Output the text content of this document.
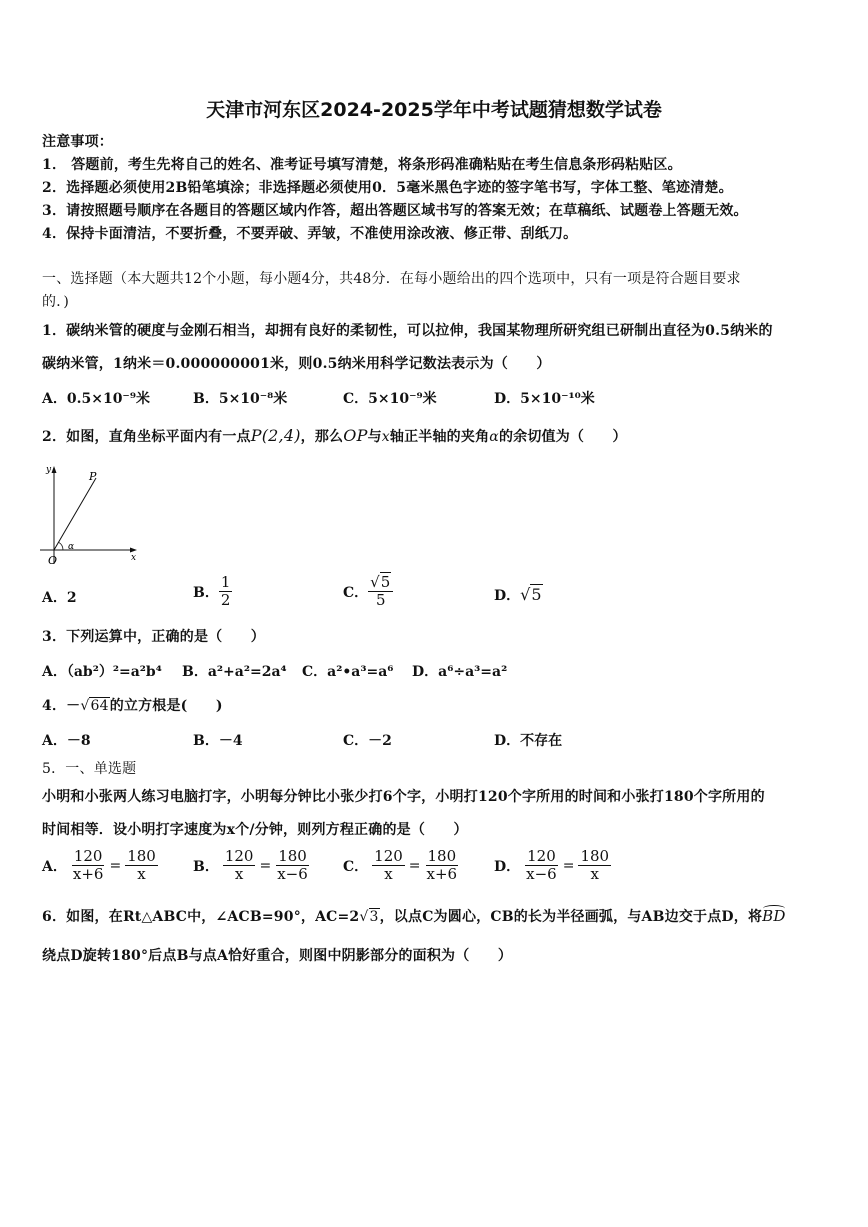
天津市河东区2024-2025学年中考试题猜想数学试卷
注意事项：
1． 答题前，考生先将自己的姓名、准考证号填写清楚，将条形码准确粘贴在考生信息条形码粘贴区。
2．选择题必须使用2B铅笔填涂；非选择题必须使用0．5毫米黑色字迹的签字笔书写，字体工整、笔迹清楚。
3．请按照题号顺序在各题目的答题区域内作答，超出答题区域书写的答案无效；在草稿纸、试题卷上答题无效。
4．保持卡面清洁，不要折叠，不要弄破、弄皱，不准使用涂改液、修正带、刮纸刀。
一、选择题（本大题共12个小题，每小题4分，共48分．在每小题给出的四个选项中，只有一项是符合题目要求
的．)
1．碳纳米管的硬度与金刚石相当，却拥有良好的柔韧性，可以拉伸，我国某物理所研究组已研制出直径为0.5纳米的
碳纳米管，1纳米＝0.000000001米，则0.5纳米用科学记数法表示为（　　）
A．0.5×10⁻⁹米	B．5×10⁻⁸米	C．5×10⁻⁹米	D．5×10⁻¹⁰米
2．如图，直角坐标平面内有一点P(2,4)，那么OP与x轴正半轴的夹角α的余切值为（　　）
y	P
α
O	x
A．2	B． $\frac{1}{2}$	C． $\frac{√5}{5}$	D．√5
3．下列运算中，正确的是（　　）
A．（ab²）²=a²b⁴ B．a²+a²=2a⁴ C．a²•a³=a⁶ D．a⁶÷a³=a²
4．－√64的立方根是(　　)
A．－8	B．－4	C．－2	D．不存在
5．一、单选题
小明和小张两人练习电脑打字，小明每分钟比小张少打6个字，小明打120个字所用的时间和小张打180个字所用的
时间相等．设小明打字速度为x个/分钟，则列方程正确的是（　　）
A． $\frac{120}{x+6} = \frac{180}{x}$	B． $\frac{120}{x} = \frac{180}{x-6}$ C． $\frac{120}{x} = \frac{180}{x+6}$ D． $\frac{120}{x-6} = \frac{180}{x}$
6．如图，在Rt△ABC中，∠ACB=90°，AC=2√3，以点C为圆心，CB的长为半径画弧，与AB边交于点D，将BD
绕点D旋转180°后点B与点A恰好重合，则图中阴影部分的面积为（　　）
